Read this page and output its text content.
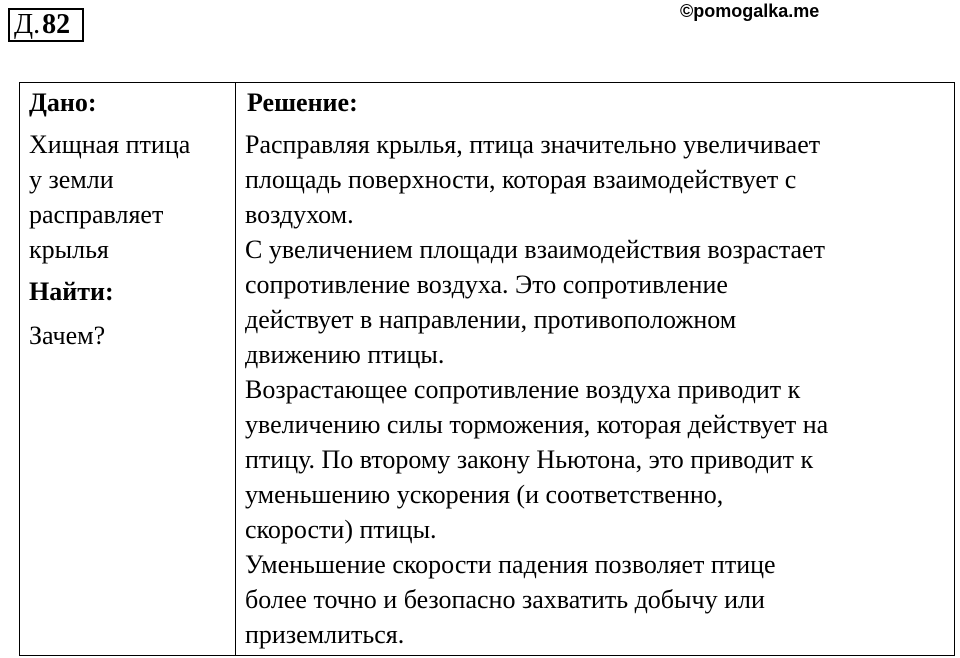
Д.82	©pomogalka.me
Дано:
Хищная птица
у земли
расправляет
крылья
Найти:
Зачем?
Решение:
Расправляя крылья, птица значительно увеличивает
площадь поверхности, которая взаимодействует с
воздухом.
С увеличением площади взаимодействия возрастает
сопротивление воздуха. Это сопротивление
действует в направлении, противоположном
движению птицы.
Возрастающее сопротивление воздуха приводит к
увеличению силы торможения, которая действует на
птицу. По второму закону Ньютона, это приводит к
уменьшению ускорения (и соответственно,
скорости) птицы.
Уменьшение скорости падения позволяет птице
более точно и безопасно захватить добычу или
приземлиться.
